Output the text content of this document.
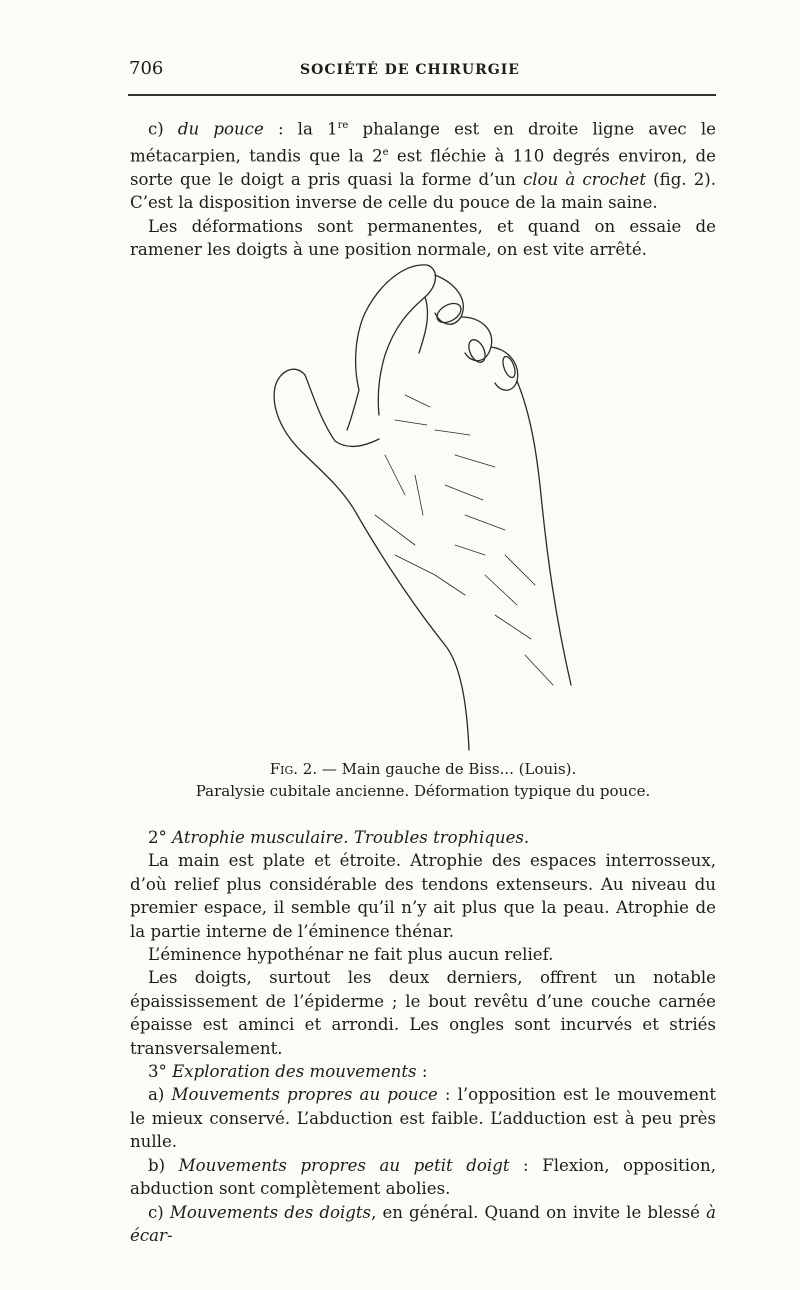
706	SOCIÉTÉ DE CHIRURGIE

c) du pouce : la 1re phalange est en droite ligne avec le métacarpien, tandis que la 2e est fléchie à 110 degrés environ, de sorte que le doigt a pris quasi la forme d’un clou à crochet (fig. 2). C’est la disposition inverse de celle du pouce de la main saine.

Les déformations sont permanentes, et quand on essaie de ramener les doigts à une position normale, on est vite arrêté.

Fig. 2. — Main gauche de Biss... (Louis).
Paralysie cubitale ancienne. Déformation typique du pouce.

2° Atrophie musculaire. Troubles trophiques.

La main est plate et étroite. Atrophie des espaces interrosseux, d’où relief plus considérable des tendons extenseurs. Au niveau du premier espace, il semble qu’il n’y ait plus que la peau. Atrophie de la partie interne de l’éminence thénar.

L’éminence hypothénar ne fait plus aucun relief.

Les doigts, surtout les deux derniers, offrent un notable épaississement de l’épiderme ; le bout revêtu d’une couche carnée épaisse est aminci et arrondi. Les ongles sont incurvés et striés transversalement.

3° Exploration des mouvements :

a) Mouvements propres au pouce : l’opposition est le mouvement le mieux conservé. L’abduction est faible. L’adduction est à peu près nulle.

b) Mouvements propres au petit doigt : Flexion, opposition, abduction sont complètement abolies.

c) Mouvements des doigts, en général. Quand on invite le blessé à écar-
